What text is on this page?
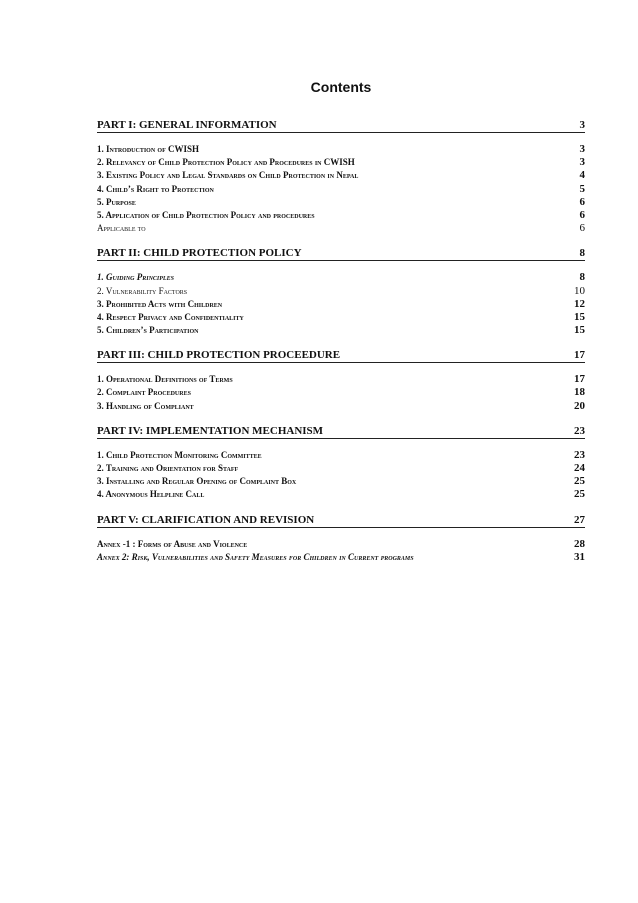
Contents
PART I: GENERAL INFORMATION	3
1. Introduction of CWISH	3
2. Relevancy of Child Protection Policy and Procedures in CWISH	3
3. Existing Policy and Legal Standards on Child Protection in Nepal	4
4. Child’s Right to Protection	5
5. Purpose	6
5. Application of Child Protection Policy and procedures	6
Applicable to	6
PART II: CHILD PROTECTION POLICY	8
1. Guiding Principles	8
2. Vulnerability Factors	10
3. Prohibited Acts with Children	12
4. Respect Privacy and Confidentiality	15
5. Children’s Participation	15
PART III: CHILD PROTECTION PROCEEDURE	17
1. Operational Definitions of Terms	17
2. Complaint Procedures	18
3. Handling of Compliant	20
PART IV: IMPLEMENTATION MECHANISM	23
1. Child Protection Monitoring Committee	23
2. Training and Orientation for Staff	24
3. Installing and Regular Opening of Complaint Box	25
4. Anonymous Helpline Call	25
PART V: CLARIFICATION AND REVISION	27
Annex -1 : Forms of Abuse and Violence	28
Annex 2: Risk, Vulnerabilities and Safety Measures for Children in Current programs	31
